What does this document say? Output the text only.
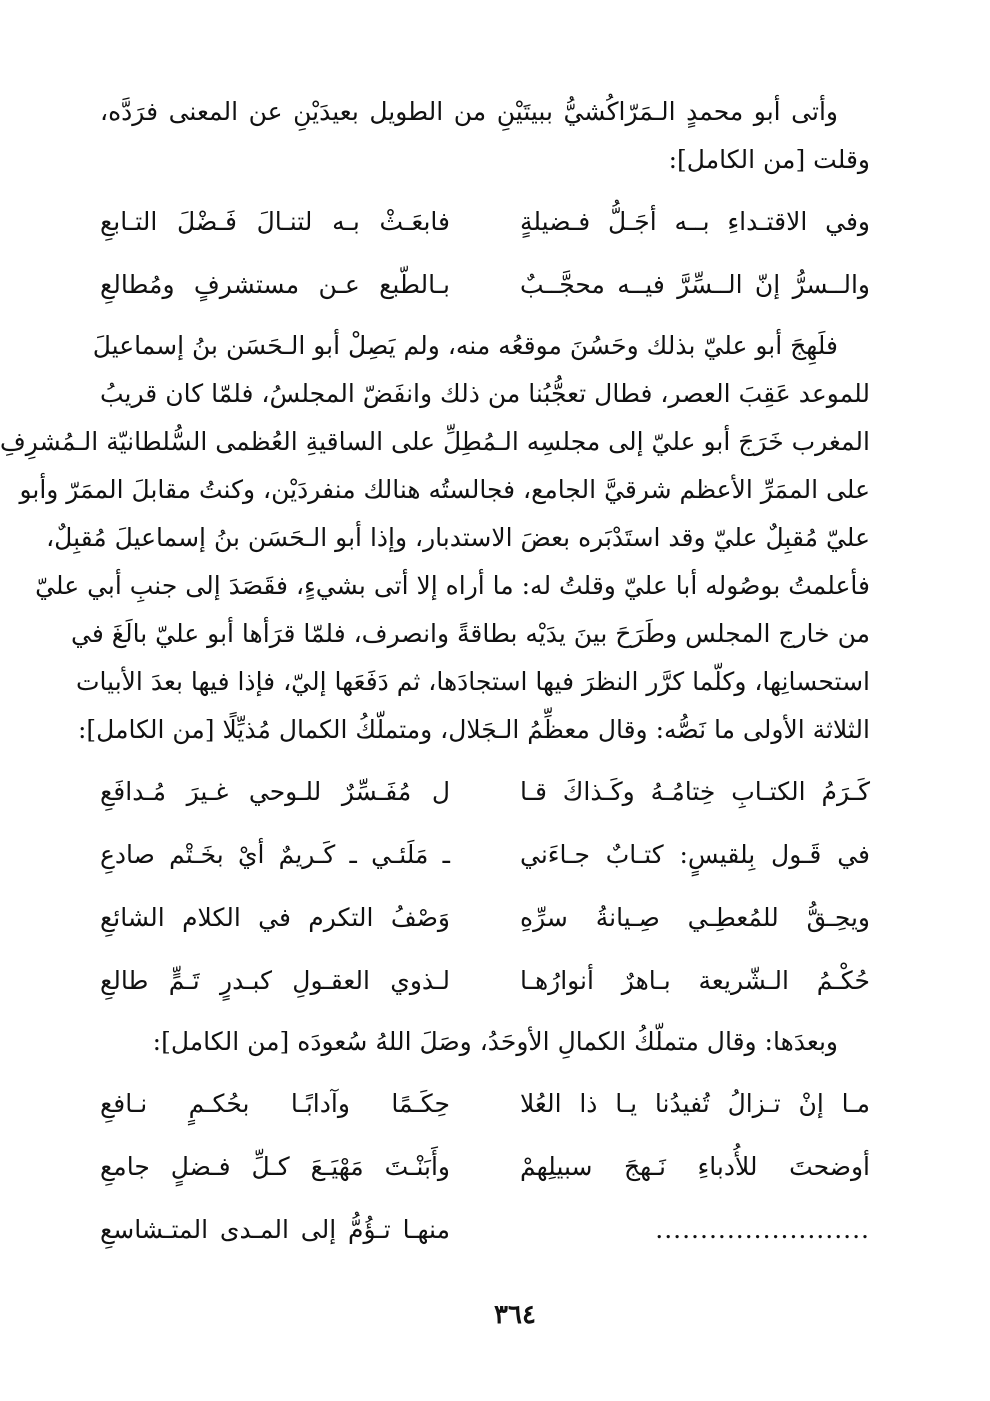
وأتى أبو محمدٍ الـمَرّاكُشيُّ ببيتَيْنِ من الطويل بعيدَيْنِ عن المعنى فرَدَّه،
وقلت [من الكامل]:
وفي الاقتـداءِ بــه أجَـلُّ فـضيلةٍ
فابعَـثْ بـه لتنـالَ فَـضْلَ التـابعِ
والــسرُّ إنّ الــسِّرَّ فيــه محجَّــبٌ
بـالطّبع عـن مستشرفٍ ومُطالعِ
فلَهِجَ أبو عليّ بذلك وحَسُنَ موقعُه منه، ولم يَصِلْ أبو الـحَسَن بنُ إسماعيلَ
للموعد عَقِبَ العصر، فطال تعجُّبُنا من ذلك وانفَضّ المجلسُ، فلمّا كان قريبُ
المغرب خَرَجَ أبو عليّ إلى مجلسِه الـمُطِلِّ على الساقيةِ العُظمى السُّلطانيّة الـمُشرِفِ
على الممَرِّ الأعظم شرقيَّ الجامع، فجالستُه هنالك منفردَيْن، وكنتُ مقابلَ الممَرّ وأبو
عليّ مُقبِلٌ عليّ وقد استَدْبَره بعضَ الاستدبار، وإذا أبو الـحَسَن بنُ إسماعيلَ مُقبِلٌ،
فأعلمتُ بوصُوله أبا عليّ وقلتُ له: ما أراه إلا أتى بشيءٍ، فقَصَدَ إلى جنبِ أبي عليّ
من خارج المجلس وطَرَحَ بينَ يدَيْه بطاقةً وانصرف، فلمّا قرَأها أبو عليّ بالَغَ في
استحسانِها، وكلّما كرَّر النظرَ فيها استجادَها، ثم دَفَعَها إليّ، فإذا فيها بعدَ الأبيات
الثلاثة الأولى ما نَصُّه: وقال معظِّمُ الـجَلال، ومتملّكُ الكمال مُذيِّلًا [من الكامل]:
كَـرَمُ الكتـابِ خِتامُـهُ وكَـذاكَ قـا
ل مُفَـسِّرٌ للـوحي غـيرَ مُـدافَعِ
في قَـول بِلقيسٍ: كتـابٌ جـاءَني
ـ مَلَئـي ـ كَـريمٌ أيْ بخَـتْم صادعِ
ويحِـقُّ للمُعطِـي صِـيانةُ سرِّهِ
وَصْفُ التكرم في الكلام الشائعِ
حُكْـمُ الـشّريعة بـاهرٌ أنوارُهـا
لـذوي العقـولِ كبـدرٍ تَـمٍّ طالعِ
وبعدَها: وقال متملّكُ الكمالِ الأوحَدُ، وصَلَ اللهُ سُعودَه [من الكامل]:
مـا إنْ تـزالُ تُفيدُنا يـا ذا العُلا
حِكَـمًا وآدابًـا بحُكـمٍ نـافعِ
أوضحتَ للأُدباءِ نَـهجَ سبيلِهمْ
وأَبَنْـتَ مَهْيَـعَ كـلِّ فـضلٍ جامعِ
........................
منهـا تـؤُمُّ إلى المـدى المتـشاسعِ
٣٦٤
